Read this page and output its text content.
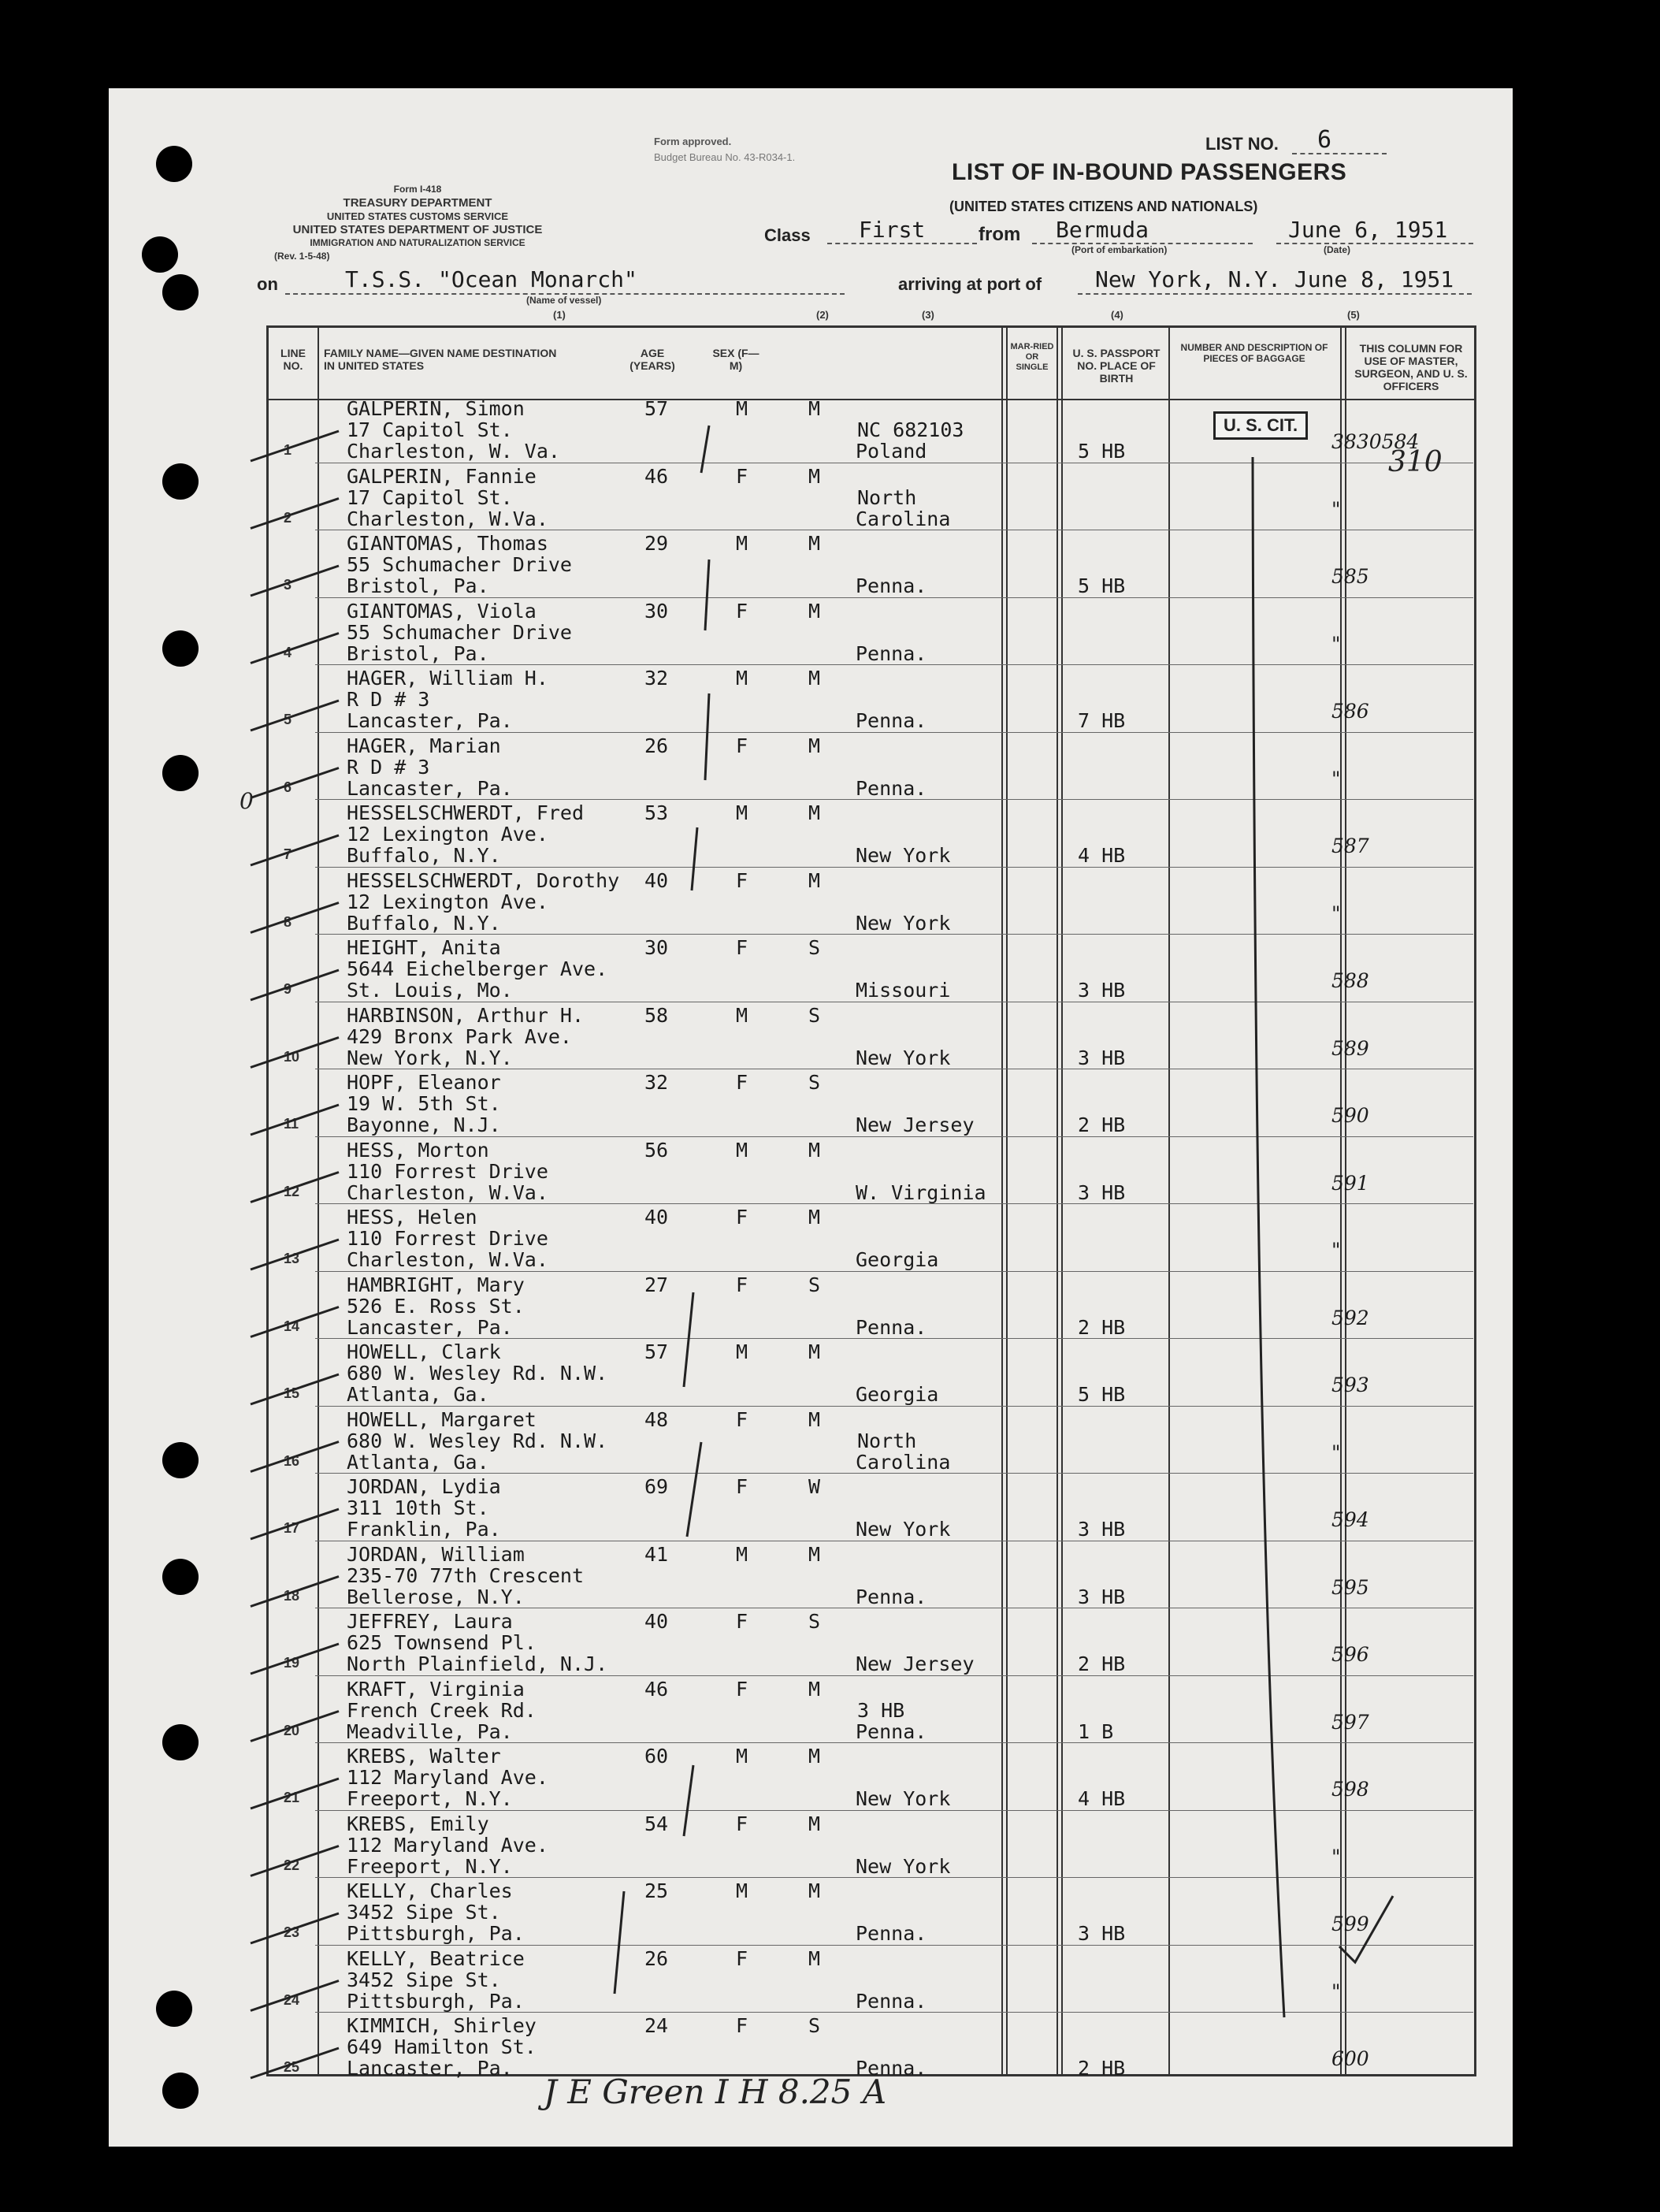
Form I-418
TREASURY DEPARTMENT
UNITED STATES CUSTOMS SERVICE
UNITED STATES DEPARTMENT OF JUSTICE
IMMIGRATION AND NATURALIZATION SERVICE
(Rev. 1-5-48)
Form approved.
Budget Bureau No. 43-R034-1.
LIST NO. 6
LIST OF IN-BOUND PASSENGERS
(UNITED STATES CITIZENS AND NATIONALS)
Class First	from Bermuda
(Port of embarkation)
June 6, 1951
(Date)
on	T.S.S. "Ocean Monarch"
(Name of vessel)
arriving at port of New York, N.Y. June 8, 1951
(1)	(2)	(3)	(4)	(5)
LINE NO.
FAMILY NAME—GIVEN NAME DESTINATION IN UNITED STATES
AGE (YEARS)
SEX (F—M)
MAR-RIED OR SINGLE
U. S. PASSPORT NO. PLACE OF BIRTH
NUMBER AND DESCRIPTION OF PIECES OF BAGGAGE
THIS COLUMN FOR USE OF MASTER, SURGEON, AND U. S. OFFICERS
1
GALPERIN, Simon
17 Capitol St.
Charleston, W. Va.
57	M	M
NC 682103
Poland	5 HB	3830584
2
GALPERIN, Fannie
17 Capitol St.
Charleston, W.Va.
46	F	M
North
Carolina	"
3
GIANTOMAS, Thomas
55 Schumacher Drive
Bristol, Pa.
29	M	M
Penna.	5 HB	585
4
GIANTOMAS, Viola
55 Schumacher Drive
Bristol, Pa.
30	F	M
Penna.	"
5
HAGER, William H.
R D # 3
Lancaster, Pa.
32	M	M
Penna.	7 HB	586
6
HAGER, Marian
R D # 3
Lancaster, Pa.
26	F	M
Penna.	"
7
HESSELSCHWERDT, Fred
12 Lexington Ave.
Buffalo, N.Y.
53	M	M
New York	4 HB	587
8
HESSELSCHWERDT, Dorothy
12 Lexington Ave.
Buffalo, N.Y.
40	F	M
New York	"
9
HEIGHT, Anita
5644 Eichelberger Ave.
St. Louis, Mo.
30	F	S
Missouri	3 HB	588
10
HARBINSON, Arthur H.
429 Bronx Park Ave.
New York, N.Y.
58	M	S
New York	3 HB	589
11
HOPF, Eleanor
19 W. 5th St.
Bayonne, N.J.
32	F	S
New Jersey	2 HB	590
12
HESS, Morton
110 Forrest Drive
Charleston, W.Va.
56	M	M
W. Virginia	3 HB	591
13
HESS, Helen
110 Forrest Drive
Charleston, W.Va.
40	F	M
Georgia	"
14
HAMBRIGHT, Mary
526 E. Ross St.
Lancaster, Pa.
27	F	S
Penna.	2 HB	592
15
HOWELL, Clark
680 W. Wesley Rd. N.W.
Atlanta, Ga.
57	M	M
Georgia	5 HB	593
16
HOWELL, Margaret
680 W. Wesley Rd. N.W.
Atlanta, Ga.
48	F	M
North
Carolina	"
17
JORDAN, Lydia
311 10th St.
Franklin, Pa.
69	F	W
New York	3 HB	594
18
JORDAN, William
235-70 77th Crescent
Bellerose, N.Y.
41	M	M
Penna.	3 HB	595
19
JEFFREY, Laura
625 Townsend Pl.
North Plainfield, N.J.
40	F	S
New Jersey	2 HB	596
20
KRAFT, Virginia
French Creek Rd.
Meadville, Pa.
46	F	M
3 HB
Penna.	1 B	597
21
KREBS, Walter
112 Maryland Ave.
Freeport, N.Y.
60	M	M
New York	4 HB	598
22
KREBS, Emily
112 Maryland Ave.
Freeport, N.Y.
54	F	M
New York	"
23
KELLY, Charles
3452 Sipe St.
Pittsburgh, Pa.
25	M	M
Penna.	3 HB	599
24
KELLY, Beatrice
3452 Sipe St.
Pittsburgh, Pa.
26	F	M
Penna.	"
25
KIMMICH, Shirley
649 Hamilton St.
Lancaster, Pa.
24	F	S
Penna.	2 HB	600
U. S. CIT.
310
0
J E Green I H 8.25 A
